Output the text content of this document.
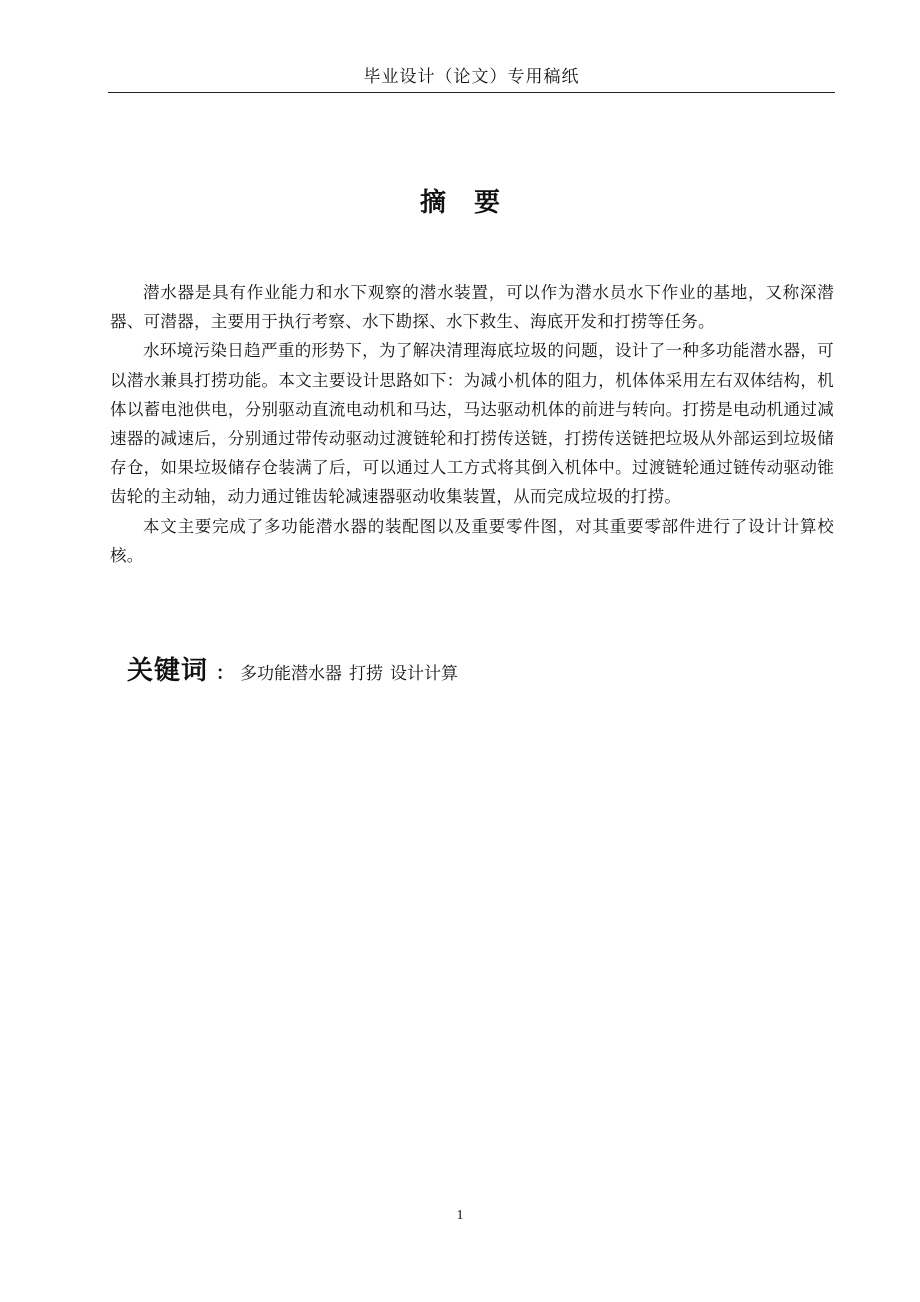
毕业设计（论文）专用稿纸
摘要

潜水器是具有作业能力和水下观察的潜水装置，可以作为潜水员水下作业的基地，又称深潜器、可潜器，主要用于执行考察、水下勘探、水下救生、海底开发和打捞等任务。

水环境污染日趋严重的形势下，为了解决清理海底垃圾的问题，设计了一种多功能潜水器，可以潜水兼具打捞功能。本文主要设计思路如下：为减小机体的阻力，机体体采用左右双体结构，机体以蓄电池供电，分别驱动直流电动机和马达，马达驱动机体的前进与转向。打捞是电动机通过减速器的减速后，分别通过带传动驱动过渡链轮和打捞传送链，打捞传送链把垃圾从外部运到垃圾储存仓，如果垃圾储存仓装满了后，可以通过人工方式将其倒入机体中。过渡链轮通过链传动驱动锥齿轮的主动轴，动力通过锥齿轮减速器驱动收集装置，从而完成垃圾的打捞。

本文主要完成了多功能潜水器的装配图以及重要零件图，对其重要零部件进行了设计计算校核。

关键词 ： 多功能潜水器 打捞 设计计算
1
